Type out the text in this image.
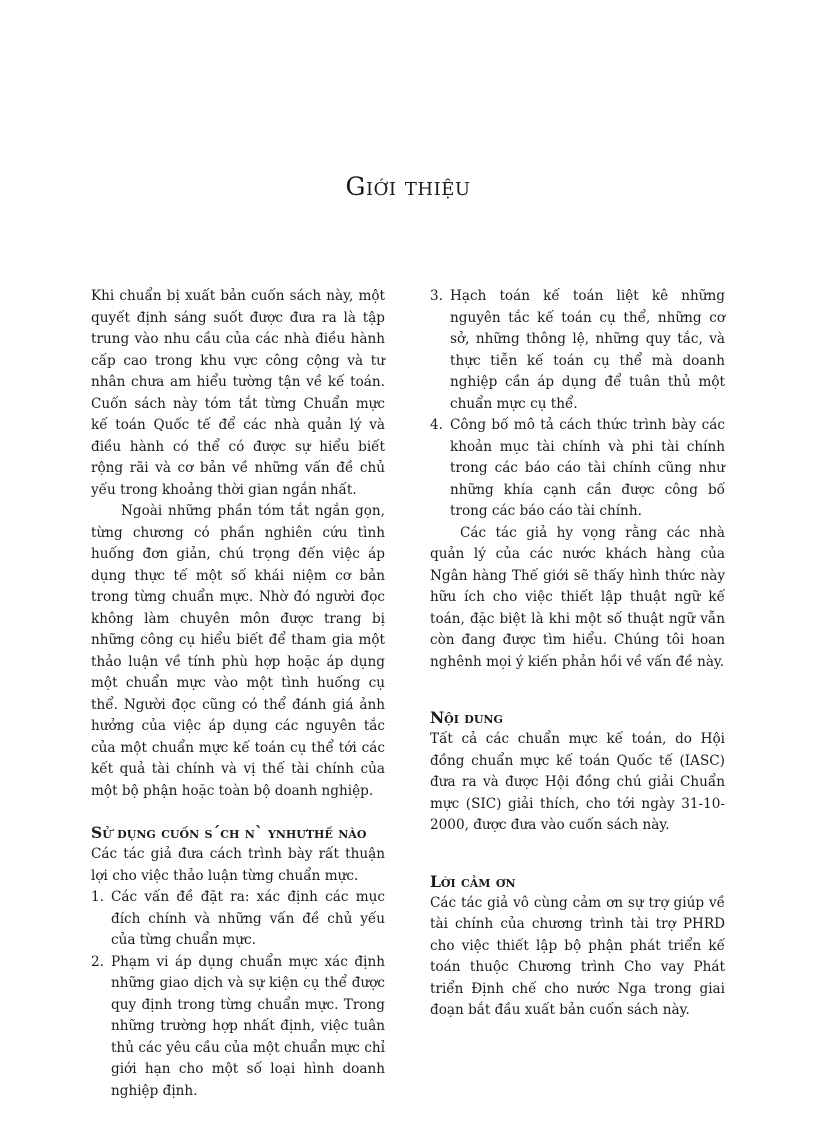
Giới thiệu

Khi chuẩn bị xuất bản cuốn sách này, một quyết định sáng suốt được đưa ra là tập trung vào nhu cầu của các nhà điều hành cấp cao trong khu vực công cộng và tư nhân chưa am hiểu tường tận về kế toán. Cuốn sách này tóm tắt từng Chuẩn mực kế toán Quốc tế để các nhà quản lý và điều hành có thể có được sự hiểu biết rộng rãi và cơ bản về những vấn đề chủ yếu trong khoảng thời gian ngắn nhất.

Ngoài những phần tóm tắt ngắn gọn, từng chương có phần nghiên cứu tình huống đơn giản, chú trọng đến việc áp dụng thực tế một số khái niệm cơ bản trong từng chuẩn mực. Nhờ đó người đọc không làm chuyên môn được trang bị những công cụ hiểu biết để tham gia một thảo luận về tính phù hợp hoặc áp dụng một chuẩn mực vào một tình huống cụ thể. Người đọc cũng có thể đánh giá ảnh hưởng của việc áp dụng các nguyên tắc của một chuẩn mực kế toán cụ thể tới các kết quả tài chính và vị thế tài chính của một bộ phận hoặc toàn bộ doanh nghiệp.

Sử dụng cuốn s´ch n` ynhưthế nào

Các tác giả đưa cách trình bày rất thuận lợi cho việc thảo luận từng chuẩn mực.

1. Các vấn đề đặt ra: xác định các mục đích chính và những vấn đề chủ yếu của từng chuẩn mực.
2. Phạm vi áp dụng chuẩn mực xác định những giao dịch và sự kiện cụ thể được quy định trong từng chuẩn mực. Trong những trường hợp nhất định, việc tuân thủ các yêu cầu của một chuẩn mực chỉ giới hạn cho một số loại hình doanh nghiệp định.
3. Hạch toán kế toán liệt kê những nguyên tắc kế toán cụ thể, những cơ sở, những thông lệ, những quy tắc, và thực tiễn kế toán cụ thể mà doanh nghiệp cần áp dụng để tuân thủ một chuẩn mực cụ thể.
4. Công bố mô tả cách thức trình bày các khoản mục tài chính và phi tài chính trong các báo cáo tài chính cũng như những khía cạnh cần được công bố trong các báo cáo tài chính.

Các tác giả hy vọng rằng các nhà quản lý của các nước khách hàng của Ngân hàng Thế giới sẽ thấy hình thức này hữu ích cho việc thiết lập thuật ngữ kế toán, đặc biệt là khi một số thuật ngữ vẫn còn đang được tìm hiểu. Chúng tôi hoan nghênh mọi ý kiến phản hồi về vấn đề này.

Nội dung

Tất cả các chuẩn mực kế toán, do Hội đồng chuẩn mực kế toán Quốc tế (IASC) đưa ra và được Hội đồng chú giải Chuẩn mực (SIC) giải thích, cho tới ngày 31-10-2000, được đưa vào cuốn sách này.

Lời cảm ơn

Các tác giả vô cùng cảm ơn sự trợ giúp về tài chính của chương trình tài trợ PHRD cho việc thiết lập bộ phận phát triển kế toán thuộc Chương trình Cho vay Phát triển Định chế cho nước Nga trong giai đoạn bắt đầu xuất bản cuốn sách này.
